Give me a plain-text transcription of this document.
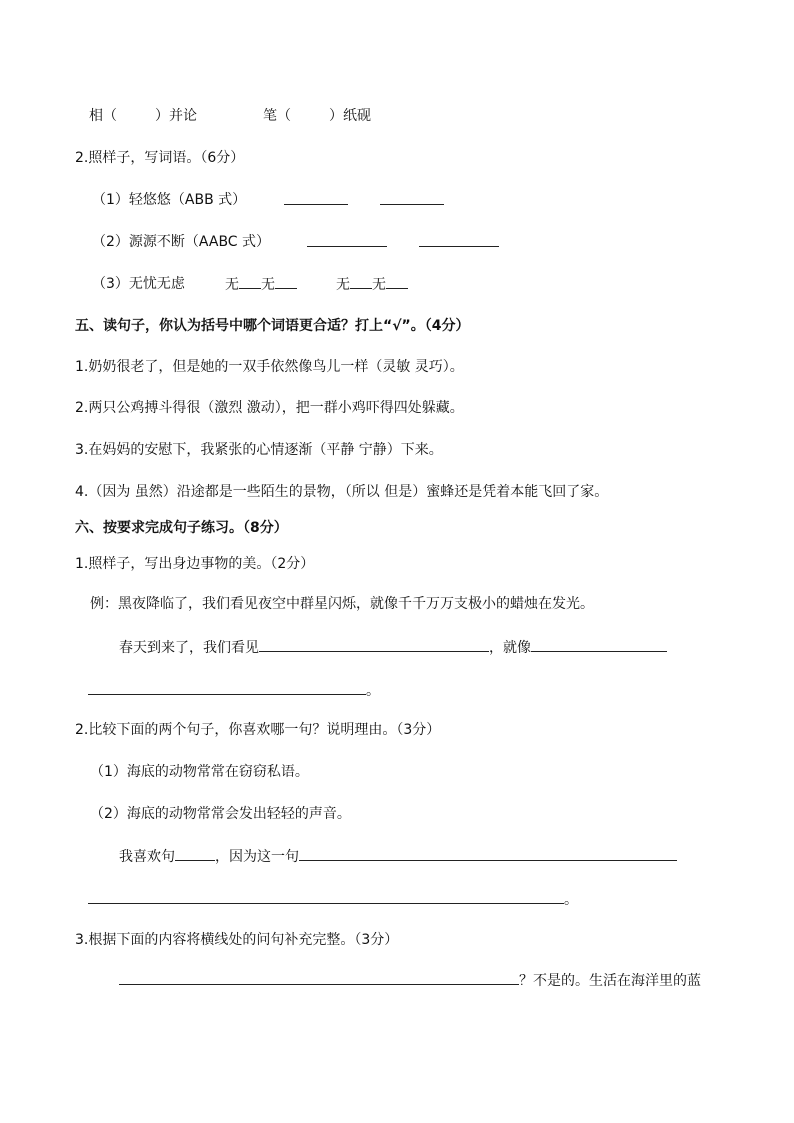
相（	）并论	笔（	）纸砚
2.照样子，写词语。（6分）
（1）轻悠悠（ABB 式）
（2）源源不断（AABC 式）
（3）无忧无虑	无 无	无 无
五、读句子，你认为括号中哪个词语更合适？打上“√”。（4分）
1.奶奶很老了，但是她的一双手依然像鸟儿一样（灵敏 灵巧）。
2.两只公鸡搏斗得很（激烈 激动），把一群小鸡吓得四处躲藏。
3.在妈妈的安慰下，我紧张的心情逐渐（平静 宁静）下来。
4.（因为 虽然）沿途都是一些陌生的景物，（所以 但是）蜜蜂还是凭着本能飞回了家。
六、按要求完成句子练习。（8分）
1.照样子，写出身边事物的美。（2分）
例：黑夜降临了，我们看见夜空中群星闪烁，就像千千万万支极小的蜡烛在发光。
春天到来了，我们看见	，就像
。
2.比较下面的两个句子，你喜欢哪一句？说明理由。（3分）
（1）海底的动物常常在窃窃私语。
（2）海底的动物常常会发出轻轻的声音。
我喜欢句	，因为这一句
。
3.根据下面的内容将横线处的问句补充完整。（3分）
？不是的。生活在海洋里的蓝
